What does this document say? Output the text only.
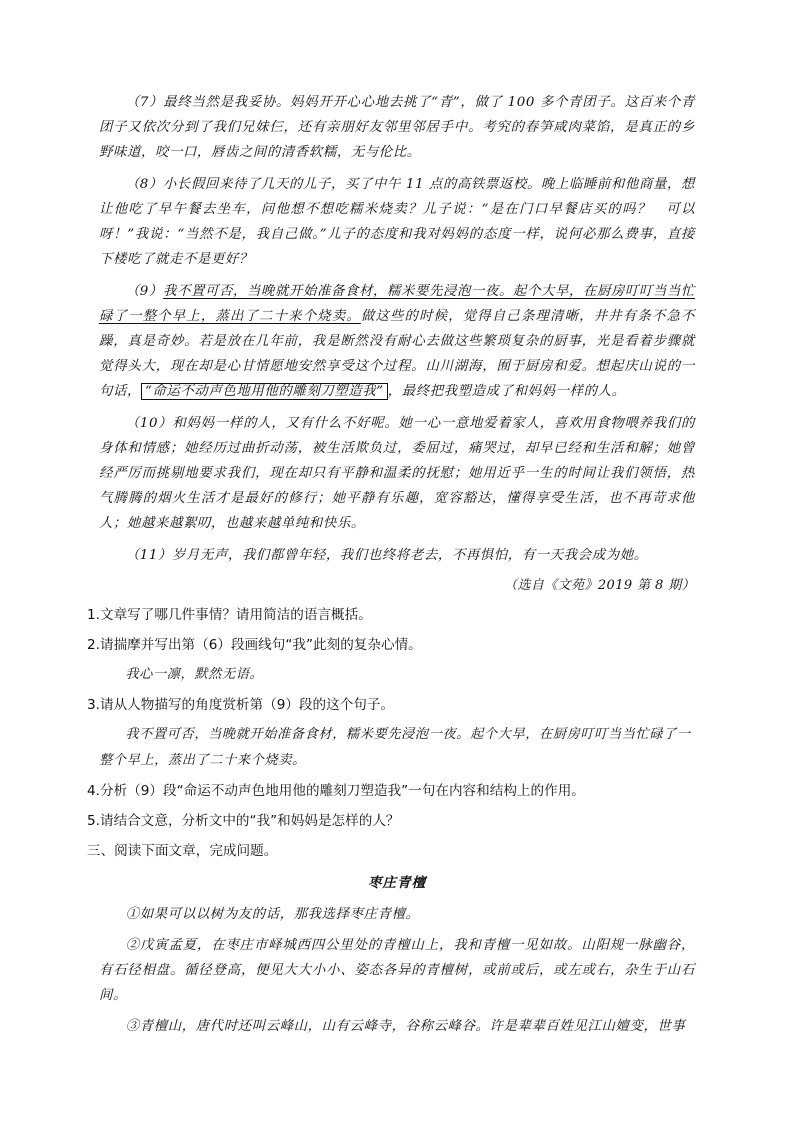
（7）最终当然是我妥协。妈妈开开心心地去挑了“青”，做了 100 多个青团子。这百来个青团子又依次分到了我们兄妹仨，还有亲朋好友邻里邻居手中。考究的春笋咸肉菜馅，是真正的乡野味道，咬一口，唇齿之间的清香软糯，无与伦比。

（8）小长假回来待了几天的儿子，买了中午 11 点的高铁票返校。晚上临睡前和他商量，想让他吃了早午餐去坐车，问他想不想吃糯米烧卖？儿子说：“是在门口早餐店买的吗？　可以呀！”我说：“当然不是，我自己做。”儿子的态度和我对妈妈的态度一样，说何必那么费事，直接下楼吃了就走不是更好？

（9）我不置可否，当晚就开始准备食材，糯米要先浸泡一夜。起个大早，在厨房叮叮当当忙碌了一整个早上，蒸出了二十来个烧卖。做这些的时候，觉得自己条理清晰，井井有条不急不躁，真是奇妙。若是放在几年前，我是断然没有耐心去做这些繁琐复杂的厨事，光是看着步骤就觉得头大，现在却是心甘情愿地安然享受这个过程。山川湖海，囿于厨房和爱。想起庆山说的一句话， “命运不动声色地用他的雕刻刀塑造我” ，最终把我塑造成了和妈妈一样的人。

（10）和妈妈一样的人，又有什么不好呢。她一心一意地爱着家人，喜欢用食物喂养我们的身体和情感；她经历过曲折动荡，被生活欺负过，委屈过，痛哭过，却早已经和生活和解；她曾经严厉而挑剔地要求我们，现在却只有平静和温柔的抚慰；她用近乎一生的时间让我们领悟，热气腾腾的烟火生活才是最好的修行；她平静有乐趣，宽容豁达，懂得享受生活，也不再苛求他人；她越来越絮叨，也越来越单纯和快乐。

（11）岁月无声，我们都曾年轻，我们也终将老去，不再惧怕，有一天我会成为她。

（选自《文苑》2019 第 8 期）

1.文章写了哪几件事情？请用简洁的语言概括。

2.请揣摩并写出第（6）段画线句“我”此刻的复杂心情。

我心一凛，默然无语。

3.请从人物描写的角度赏析第（9）段的这个句子。

我不置可否，当晚就开始准备食材，糯米要先浸泡一夜。起个大早，在厨房叮叮当当忙碌了一整个早上，蒸出了二十来个烧卖。

4.分析（9）段“命运不动声色地用他的雕刻刀塑造我”一句在内容和结构上的作用。

5.请结合文意，分析文中的“我”和妈妈是怎样的人？

三、阅读下面文章，完成问题。

枣庄青檀

①如果可以以树为友的话，那我选择枣庄青檀。

②戊寅孟夏，在枣庄市峄城西四公里处的青檀山上，我和青檀一见如故。山阳规一脉幽谷，有石径相盘。循径登高，便见大大小小、姿态各异的青檀树，或前或后，或左或右，杂生于山石间。

③青檀山，唐代时还叫云峰山，山有云峰寺，谷称云峰谷。许是辈辈百姓见江山嬗变，世事
